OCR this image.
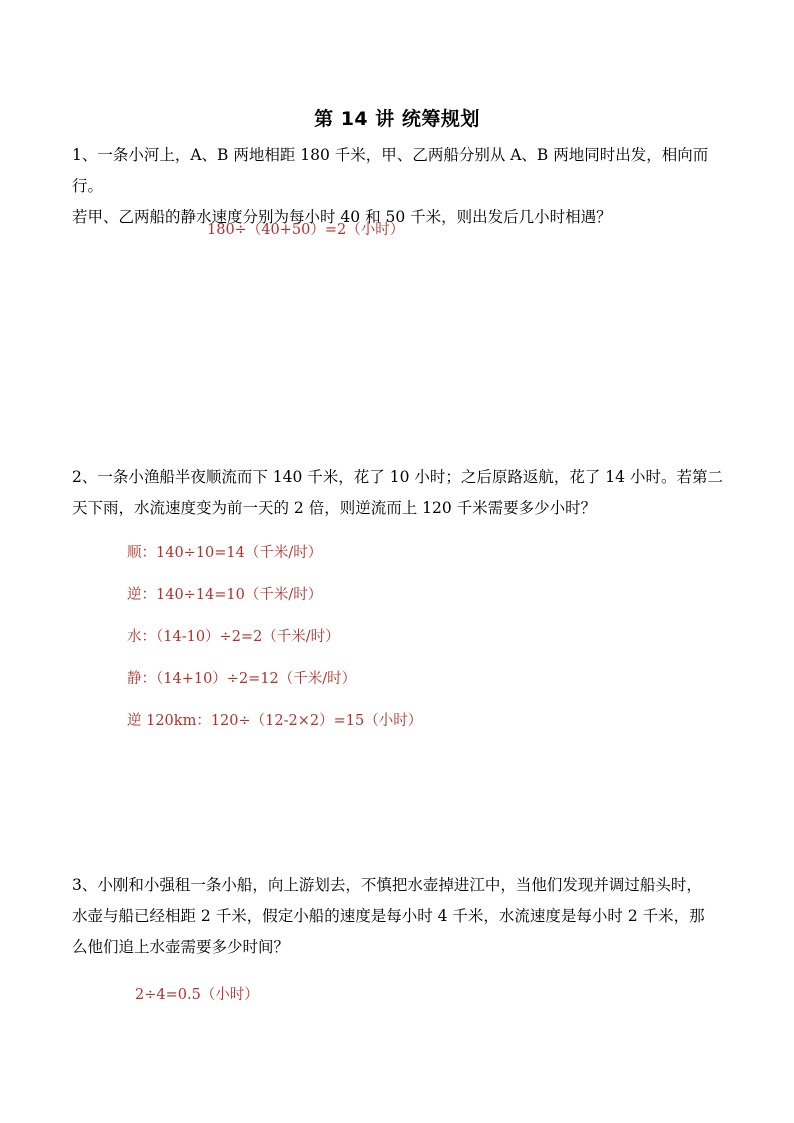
第 14 讲 统筹规划
1、一条小河上，A、B 两地相距 180 千米，甲、乙两船分别从 A、B 两地同时出发，相向而行。
若甲、乙两船的静水速度分别为每小时 40 和 50 千米，则出发后几小时相遇？
180÷（40+50）=2（小时）
2、一条小渔船半夜顺流而下 140 千米，花了 10 小时；之后原路返航，花了 14 小时。若第二
天下雨，水流速度变为前一天的 2 倍，则逆流而上 120 千米需要多少小时？
顺：140÷10=14（千米/时）
逆：140÷14=10（千米/时）
水：（14-10）÷2=2（千米/时）
静：（14+10）÷2=12（千米/时）
逆 120km：120÷（12-2×2）=15（小时）
3、小刚和小强租一条小船，向上游划去，不慎把水壶掉进江中，当他们发现并调过船头时，
水壶与船已经相距 2 千米，假定小船的速度是每小时 4 千米，水流速度是每小时 2 千米，那
么他们追上水壶需要多少时间？
2÷4=0.5（小时）
